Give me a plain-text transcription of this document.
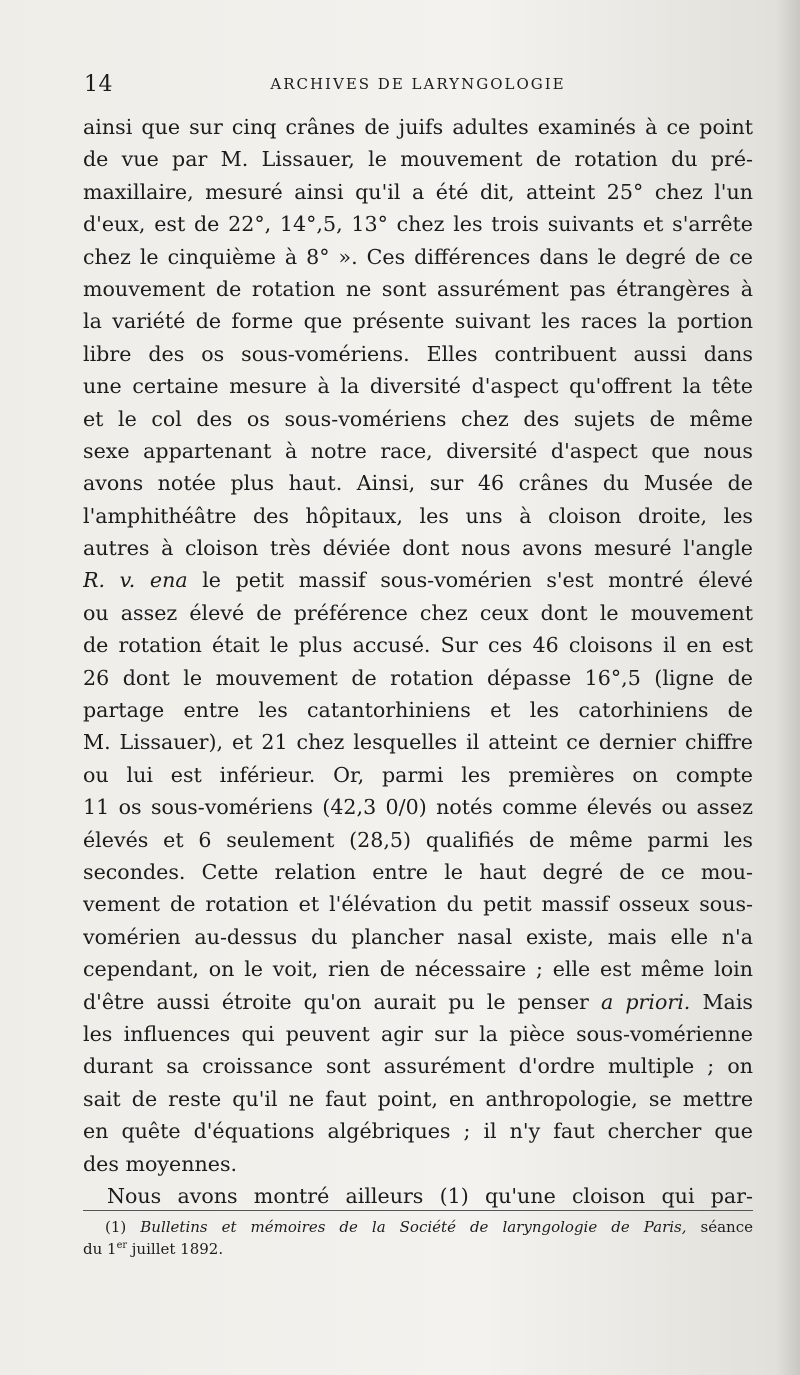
14	ARCHIVES DE LARYNGOLOGIE
ainsi que sur cinq crânes de juifs adultes examinés à ce point
de vue par M. Lissauer, le mouvement de rotation du pré-
maxillaire, mesuré ainsi qu'il a été dit, atteint 25° chez l'un
d'eux, est de 22°, 14°,5, 13° chez les trois suivants et s'arrête
chez le cinquième à 8° ». Ces différences dans le degré de ce
mouvement de rotation ne sont assurément pas étrangères à
la variété de forme que présente suivant les races la portion
libre des os sous-vomériens. Elles contribuent aussi dans
une certaine mesure à la diversité d'aspect qu'offrent la tête
et le col des os sous-vomériens chez des sujets de même
sexe appartenant à notre race, diversité d'aspect que nous
avons notée plus haut. Ainsi, sur 46 crânes du Musée de
l'amphithéâtre des hôpitaux, les uns à cloison droite, les
autres à cloison très déviée dont nous avons mesuré l'angle
R. v. ena le petit massif sous-vomérien s'est montré élevé
ou assez élevé de préférence chez ceux dont le mouvement
de rotation était le plus accusé. Sur ces 46 cloisons il en est
26 dont le mouvement de rotation dépasse 16°,5 (ligne de
partage entre les catantorhiniens et les catorhiniens de
M. Lissauer), et 21 chez lesquelles il atteint ce dernier chiffre
ou lui est inférieur. Or, parmi les premières on compte
11 os sous-vomériens (42,3 0/0) notés comme élevés ou assez
élevés et 6 seulement (28,5) qualifiés de même parmi les
secondes. Cette relation entre le haut degré de ce mou-
vement de rotation et l'élévation du petit massif osseux sous-
vomérien au-dessus du plancher nasal existe, mais elle n'a
cependant, on le voit, rien de nécessaire ; elle est même loin
d'être aussi étroite qu'on aurait pu le penser a priori. Mais
les influences qui peuvent agir sur la pièce sous-vomérienne
durant sa croissance sont assurément d'ordre multiple ; on
sait de reste qu'il ne faut point, en anthropologie, se mettre
en quête d'équations algébriques ; il n'y faut chercher que
des moyennes.
Nous avons montré ailleurs (1) qu'une cloison qui par-
(1) Bulletins et mémoires de la Société de laryngologie de Paris, séance
du 1er juillet 1892.
